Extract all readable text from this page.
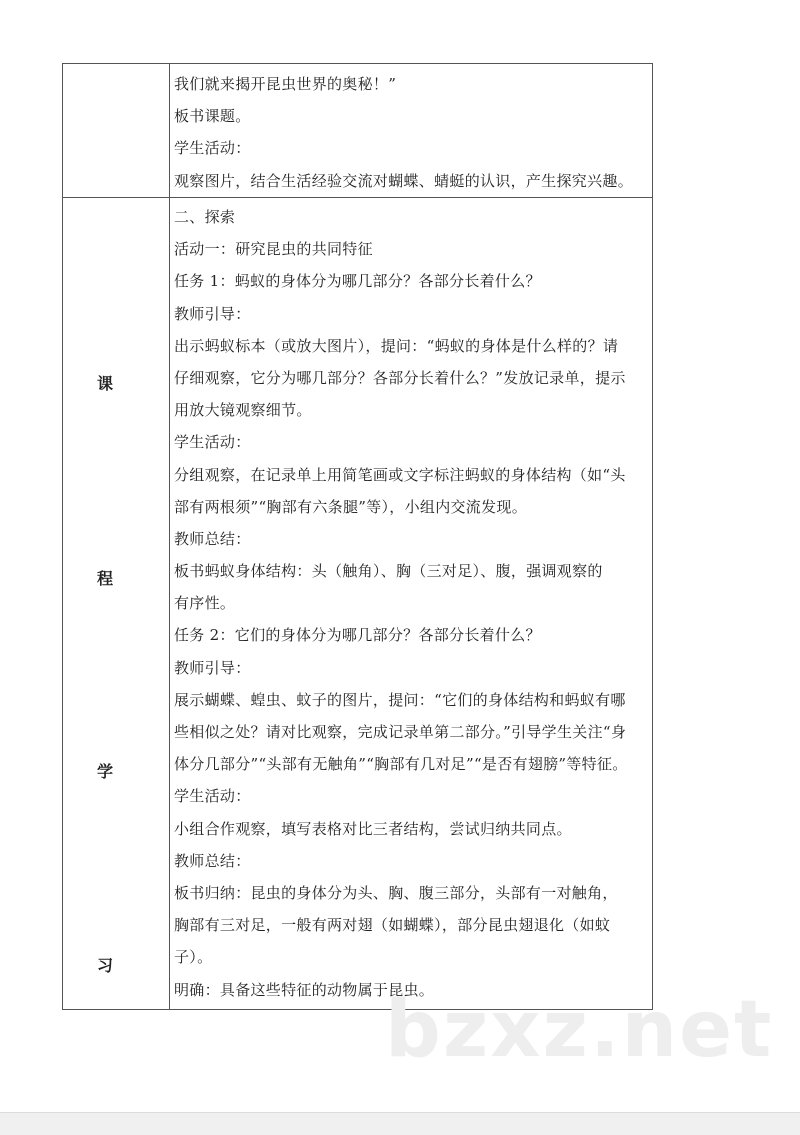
我们就来揭开昆虫世界的奥秘！”
板书课题。
学生活动：
观察图片，结合生活经验交流对蝴蝶、蜻蜓的认识，产生探究兴趣。
二、探索
活动一：研究昆虫的共同特征
任务 1：蚂蚁的身体分为哪几部分？各部分长着什么？
教师引导：
出示蚂蚁标本（或放大图片），提问：“蚂蚁的身体是什么样的？请
仔细观察，它分为哪几部分？各部分长着什么？”发放记录单，提示
用放大镜观察细节。
学生活动：
分组观察，在记录单上用简笔画或文字标注蚂蚁的身体结构（如“头
部有两根须”“胸部有六条腿”等），小组内交流发现。
教师总结：
板书蚂蚁身体结构：头（触角）、胸（三对足）、腹，强调观察的
有序性。
任务 2：它们的身体分为哪几部分？各部分长着什么？
教师引导：
展示蝴蝶、蝗虫、蚊子的图片，提问：“它们的身体结构和蚂蚁有哪
些相似之处？请对比观察，完成记录单第二部分。”引导学生关注“身
体分几部分”“头部有无触角”“胸部有几对足”“是否有翅膀”等特征。
学生活动：
小组合作观察，填写表格对比三者结构，尝试归纳共同点。
教师总结：
板书归纳：昆虫的身体分为头、胸、腹三部分，头部有一对触角，
胸部有三对足，一般有两对翅（如蝴蝶），部分昆虫翅退化（如蚊
子）。
明确：具备这些特征的动物属于昆虫。
课
程
学
习
bzxz.net
